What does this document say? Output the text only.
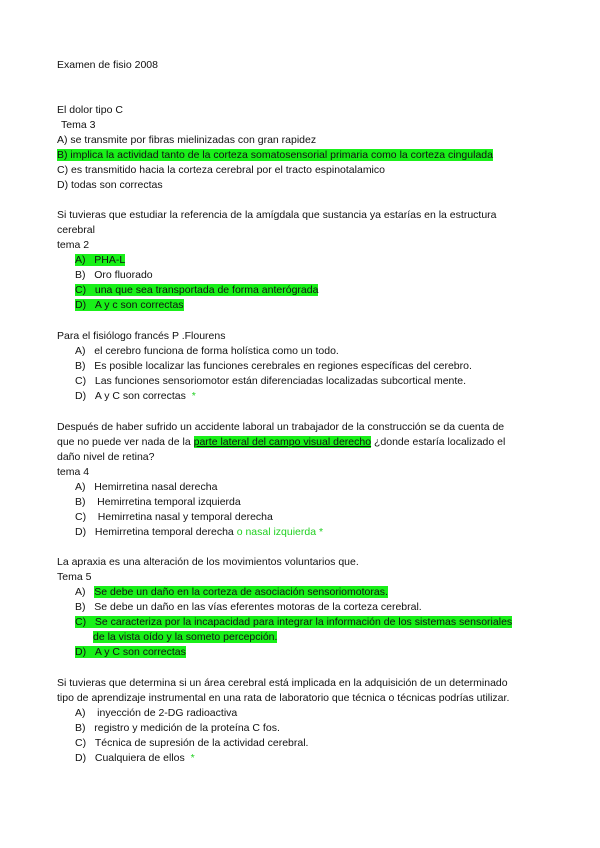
Examen de fisio 2008
El dolor tipo C
Tema 3
A) se transmite por fibras mielinizadas con gran rapidez
B) implica la actividad tanto de la corteza somatosensorial primaria como la corteza cingulada
C) es transmitido hacia la corteza cerebral por el tracto espinotalamico
D) todas son correctas
Si tuvieras que estudiar la referencia de la amígdala que sustancia ya estarías en la estructura
cerebral
tema 2
A) PHA-L
B) Oro fluorado
C) una que sea transportada de forma anterógrada
D) A y c son correctas
Para el fisiólogo francés P .Flourens
A) el cerebro funciona de forma holística como un todo.
B) Es posible localizar las funciones cerebrales en regiones específicas del cerebro.
C) Las funciones sensoriomotor están diferenciadas localizadas subcortical mente.
D) A y C son correctas *
Después de haber sufrido un accidente laboral un trabajador de la construcción se da cuenta de
que no puede ver nada de la parte lateral del campo visual derecho ¿donde estaría localizado el
daño nivel de retina?
tema 4
A) Hemirretina nasal derecha
B) Hemirretina temporal izquierda
C) Hemirretina nasal y temporal derecha
D) Hemirretina temporal derecha o nasal izquierda *
La apraxia es una alteración de los movimientos voluntarios que.
Tema 5
A) Se debe un daño en la corteza de asociación sensoriomotoras.
B) Se debe un daño en las vías eferentes motoras de la corteza cerebral.
C) Se caracteriza por la incapacidad para integrar la información de los sistemas sensoriales
de la vista oído y la someto percepción.
D) A y C son correctas
Si tuvieras que determina si un área cerebral está implicada en la adquisición de un determinado
tipo de aprendizaje instrumental en una rata de laboratorio que técnica o técnicas podrías utilizar.
A) inyección de 2-DG radioactiva
B) registro y medición de la proteína C fos.
C) Técnica de supresión de la actividad cerebral.
D) Cualquiera de ellos *
